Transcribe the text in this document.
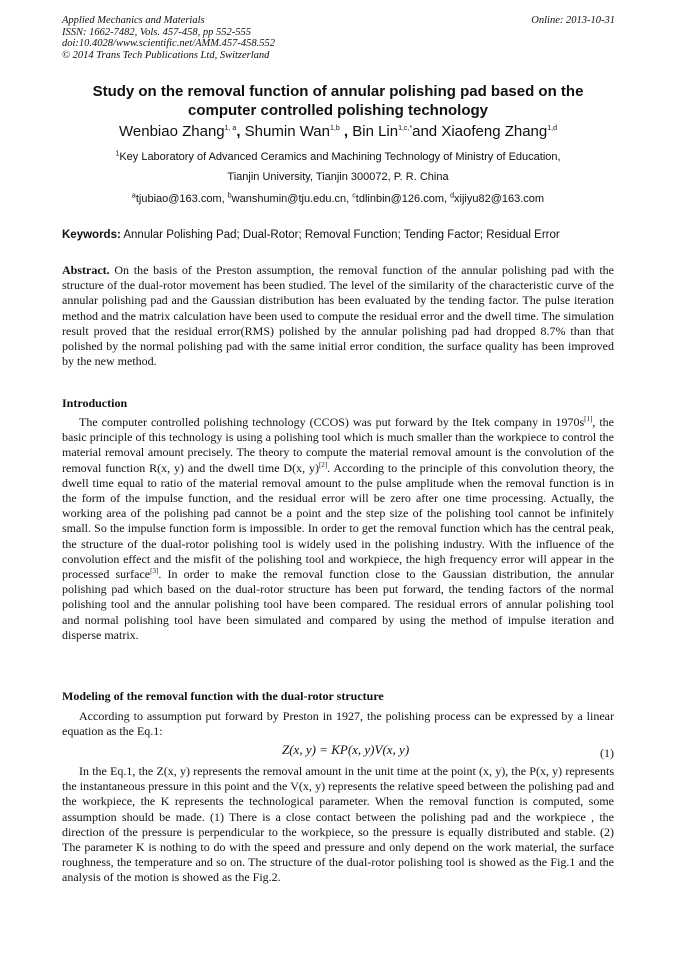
Applied Mechanics and Materials
ISSN: 1662-7482, Vols. 457-458, pp 552-555
doi:10.4028/www.scientific.net/AMM.457-458.552
© 2014 Trans Tech Publications Ltd, Switzerland
Online: 2013-10-31
Study on the removal function of annular polishing pad based on the computer controlled polishing technology
Wenbiao Zhang$^{1, a}$, Shumin Wan$^{1,b}$ , Bin Lin$^{1,c,*}$and Xiaofeng Zhang$^{1,d}$
$^1$Key Laboratory of Advanced Ceramics and Machining Technology of Ministry of Education,
Tianjin University, Tianjin 300072, P. R. China
$^a$tjubiao@163.com, $^b$wanshumin@tju.edu.cn, $^c$tdlinbin@126.com, $^d$xijiyu82@163.com
Keywords: Annular Polishing Pad; Dual-Rotor; Removal Function; Tending Factor; Residual Error
Abstract. On the basis of the Preston assumption, the removal function of the annular polishing pad with the structure of the dual-rotor movement has been studied. The level of the similarity of the characteristic curve of the annular polishing pad and the Gaussian distribution has been evaluated by the tending factor. The pulse iteration method and the matrix calculation have been used to compute the residual error and the dwell time. The simulation result proved that the residual error(RMS) polished by the annular polishing pad had dropped 8.7% than that polished by the normal polishing pad with the same initial error condition, the surface quality has been improved by the new method.
Introduction
The computer controlled polishing technology (CCOS) was put forward by the Itek company in 1970s[1], the basic principle of this technology is using a polishing tool which is much smaller than the workpiece to control the material removal amount precisely. The theory to compute the material removal amount is the convolution of the removal function R(x, y) and the dwell time D(x, y)[2]. According to the principle of this convolution theory, the dwell time equal to ratio of the material removal amount to the pulse amplitude when the removal function is in the form of the impulse function, and the residual error will be zero after one time processing. Actually, the working area of the polishing pad cannot be a point and the step size of the polishing tool cannot be infinitely small. So the impulse function form is impossible. In order to get the removal function which has the central peak, the structure of the dual-rotor polishing tool is widely used in the polishing industry. With the influence of the convolution effect and the misfit of the polishing tool and workpiece, the high frequency error will appear in the processed surface[3]. In order to make the removal function close to the Gaussian distribution, the annular polishing pad which based on the dual-rotor structure has been put forward, the tending factors of the normal polishing tool and the annular polishing tool have been compared. The residual errors of annular polishing tool and normal polishing tool have been simulated and compared by using the method of impulse iteration and disperse matrix.
Modeling of the removal function with the dual-rotor structure
According to assumption put forward by Preston in 1927, the polishing process can be expressed by a linear equation as the Eq.1:
Z(x, y) = KP(x, y)V(x, y)	(1)
In the Eq.1, the Z(x, y) represents the removal amount in the unit time at the point (x, y), the P(x, y) represents the instantaneous pressure in this point and the V(x, y) represents the relative speed between the polishing pad and the workpiece, the K represents the technological parameter. When the removal function is computed, some assumption should be made. (1) There is a close contact between the polishing pad and the workpiece , the direction of the pressure is perpendicular to the workpiece, so the pressure is equally distributed and stable. (2) The parameter K is nothing to do with the speed and pressure and only depend on the work material, the surface roughness, the temperature and so on. The structure of the dual-rotor polishing tool is showed as the Fig.1 and the analysis of the motion is showed as the Fig.2.
